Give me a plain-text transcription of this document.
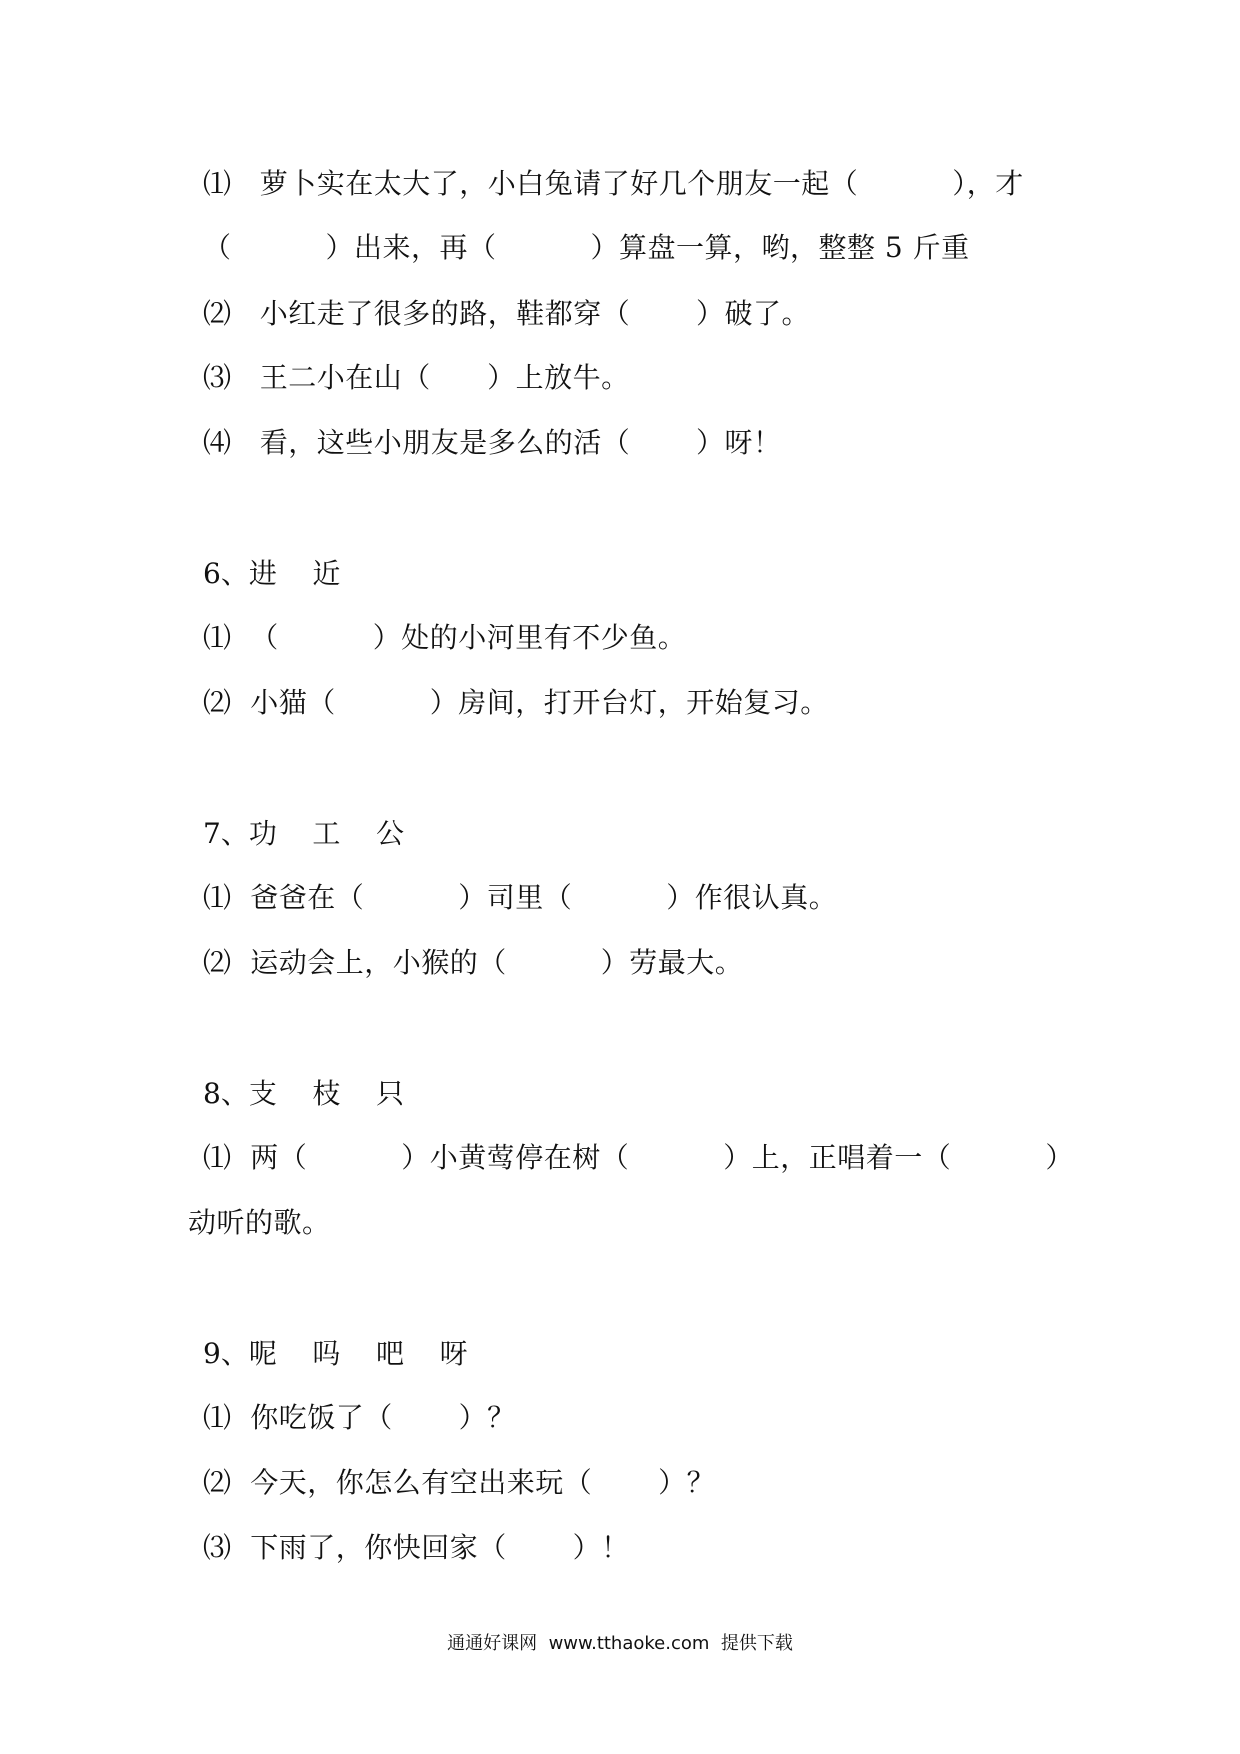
⑴   萝卜实在太大了，小白兔请了好几个朋友一起（          ），才
（          ）出来，再（          ）算盘一算，哟，整整 5 斤重
⑵   小红走了很多的路，鞋都穿（       ）破了。
⑶   王二小在山（      ）上放牛。
⑷   看，这些小朋友是多么的活（       ）呀！
6、进    近
⑴  （          ）处的小河里有不少鱼。
⑵  小猫（          ）房间，打开台灯，开始复习。
7、功    工    公
⑴  爸爸在（          ）司里（          ）作很认真。
⑵  运动会上，小猴的（          ）劳最大。
8、支    枝    只
⑴  两（          ）小黄莺停在树（          ）上，正唱着一（          ）
动听的歌。
9、呢    吗    吧    呀
⑴  你吃饭了（       ）？
⑵  今天，你怎么有空出来玩（       ）？
⑶  下雨了，你快回家（       ）！
通通好课网  www.tthaoke.com  提供下载
